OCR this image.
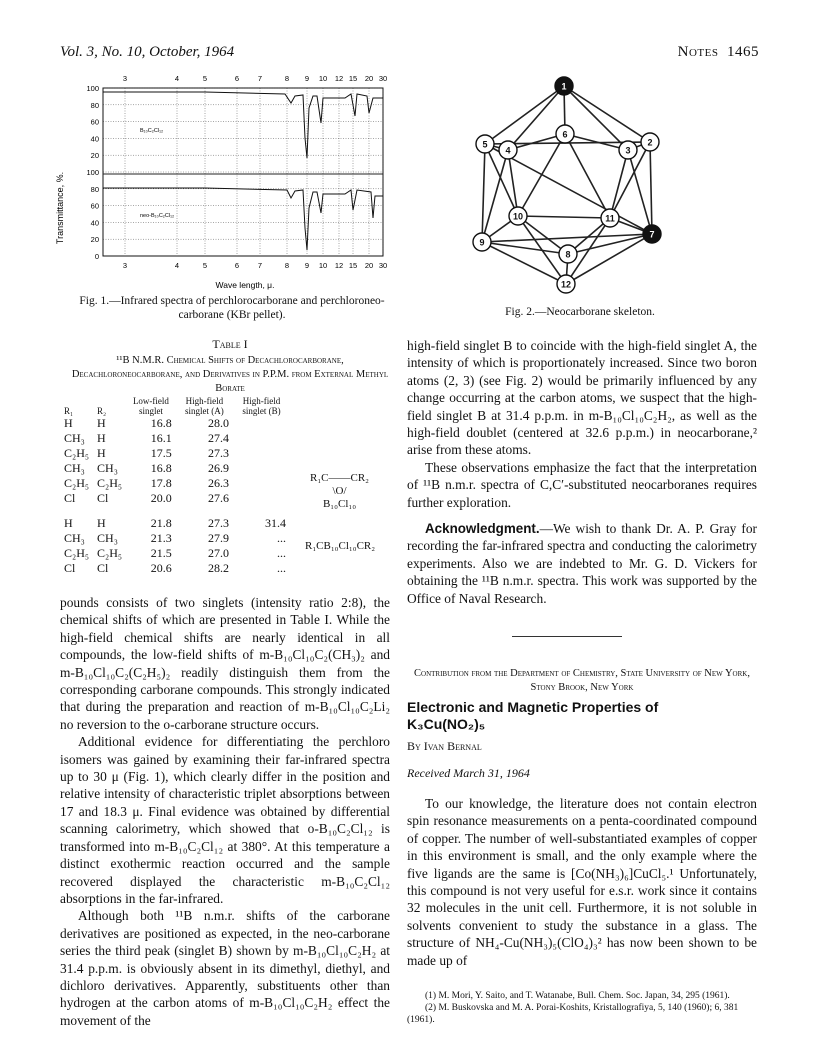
Vol. 3, No. 10, October, 1964	Notes 1465
3	4	5	6	7	8 9 10 12 15 20 30
3	4	5	6	7	8 9 10 12 15 20 30
100
80
60
40
20
100
80
60
40
20
0
Transmittance, %.
Wave length, μ.
B₁₀C₂Cl₁₂
neo-B₁₀C₂Cl₁₂
Fig. 1.—Infrared spectra of perchlorocarborane and perchloroneo-carborane (KBr pellet).
1
2
3
4
5
6
7
8
9
10	11
12
Fig. 2.—Neocarborane skeleton.
Table I
¹¹B N.M.R. Chemical Shifts of Decachlorocarborane, Decachloroneocarborane, and Derivatives in P.P.M. from External Methyl Borate
R₁	R₂	Low-field singlet	High-field singlet (A)	High-field singlet (B)
H	H	16.8	28.0	
CH₃	H	16.1	27.4	
C₂H₅	H	17.5	27.3	
CH₃	CH₃	16.8	26.9	
C₂H₅	C₂H₅	17.8	26.3	
Cl	Cl	20.0	27.6	

H	H	21.8	27.3	31.4
CH₃	CH₃	21.3	27.9	...
C₂H₅	C₂H₅	21.5	27.0	...
Cl	Cl	20.6	28.2	...
R₁C——CR₂
\O/
B₁₀Cl₁₀
R₁CB₁₀Cl₁₀CR₂

pounds consists of two singlets (intensity ratio 2:8), the chemical shifts of which are presented in Table I. While the high-field chemical shifts are nearly identical in all compounds, the low-field shifts of m-B₁₀Cl₁₀C₂(CH₃)₂ and m-B₁₀Cl₁₀C₂(C₂H₅)₂ readily distinguish them from the corresponding carborane compounds. This strongly indicated that during the preparation and reaction of m-B₁₀Cl₁₀C₂Li₂ no reversion to the o-carborane structure occurs.

Additional evidence for differentiating the perchloro isomers was gained by examining their far-infrared spectra up to 30 μ (Fig. 1), which clearly differ in the position and relative intensity of characteristic triplet absorptions between 17 and 18.3 μ. Final evidence was obtained by differential scanning calorimetry, which showed that o-B₁₀C₂Cl₁₂ is transformed into m-B₁₀C₂Cl₁₂ at 380°. At this temperature a distinct exothermic reaction occurred and the sample recovered displayed the characteristic m-B₁₀C₂Cl₁₂ absorptions in the far-infrared.

Although both ¹¹B n.m.r. shifts of the carborane derivatives are positioned as expected, in the neo-carborane series the third peak (singlet B) shown by m-B₁₀Cl₁₀C₂H₂ at 31.4 p.p.m. is obviously absent in its dimethyl, diethyl, and dichloro derivatives. Apparently, substituents other than hydrogen at the carbon atoms of m-B₁₀Cl₁₀C₂H₂ effect the movement of the

high-field singlet B to coincide with the high-field singlet A, the intensity of which is proportionately increased. Since two boron atoms (2, 3) (see Fig. 2) would be primarily influenced by any change occurring at the carbon atoms, we suspect that the high-field singlet B at 31.4 p.p.m. in m-B₁₀Cl₁₀C₂H₂, as well as the high-field doublet (centered at 32.6 p.p.m.) in neocarborane,² arise from these atoms.

These observations emphasize the fact that the interpretation of ¹¹B n.m.r. spectra of C,C′-substituted neocarboranes requires further exploration.

Acknowledgment.—We wish to thank Dr. A. P. Gray for recording the far-infrared spectra and conducting the calorimetry experiments. Also we are indebted to Mr. G. D. Vickers for obtaining the ¹¹B n.m.r. spectra. This work was supported by the Office of Naval Research.

Contribution from the Department of Chemistry, State University of New York, Stony Brook, New York
Electronic and Magnetic Properties of K₃Cu(NO₂)₅
By Ivan Bernal
Received March 31, 1964

To our knowledge, the literature does not contain electron spin resonance measurements on a penta-coordinated compound of copper. The number of well-substantiated examples of copper in this environment is small, and the only example where the five ligands are the same is [Co(NH₃)₆]CuCl₅.¹ Unfortunately, this compound is not very useful for e.s.r. work since it contains 32 molecules in the unit cell. Furthermore, it is not soluble in solvents convenient to study the substance in a glass. The structure of NH₄-Cu(NH₃)₅(ClO₄)₃² has now been shown to be made up of

(1) M. Mori, Y. Saito, and T. Watanabe, Bull. Chem. Soc. Japan, 34, 295 (1961).
(2) M. Buskovska and M. A. Porai-Koshits, Kristallografiya, 5, 140 (1960); 6, 381 (1961).
